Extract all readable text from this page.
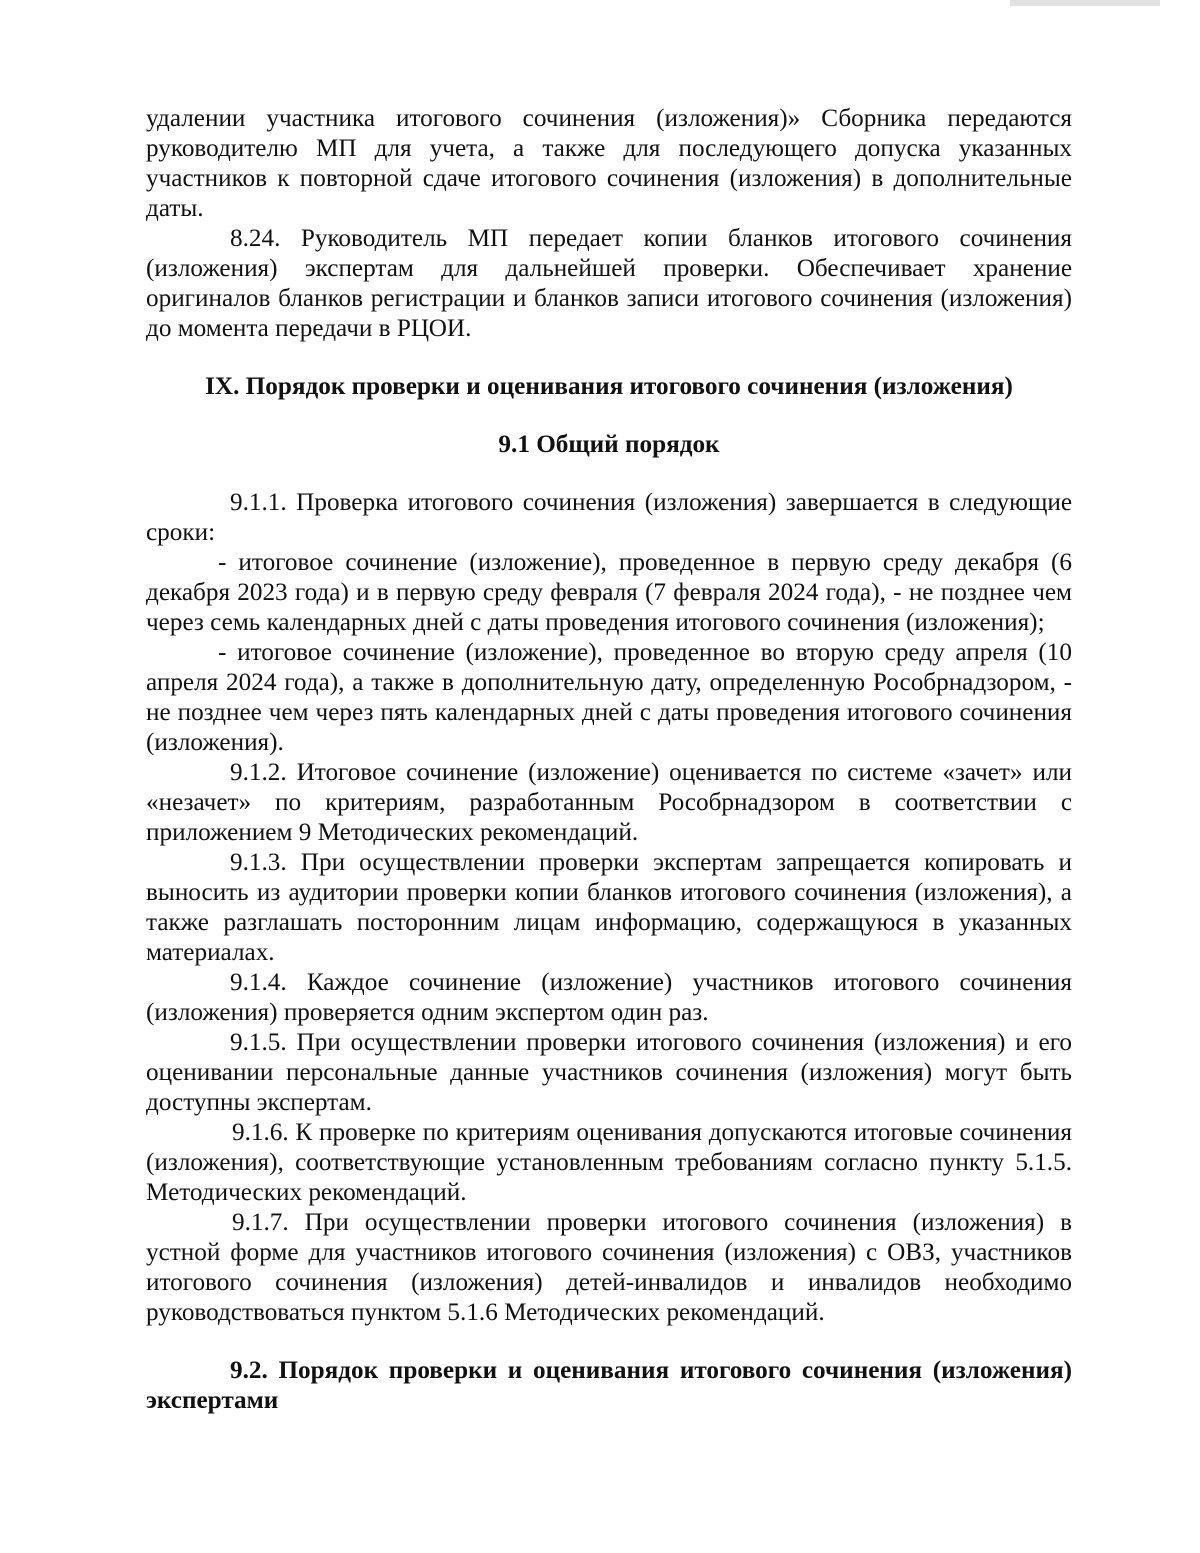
удалении участника итогового сочинения (изложения)» Сборника передаются руководителю МП для учета, а также для последующего допуска указанных участников к повторной сдаче итогового сочинения (изложения) в дополнительные даты.

8.24. Руководитель МП передает копии бланков итогового сочинения (изложения) экспертам для дальнейшей проверки. Обеспечивает хранение оригиналов бланков регистрации и бланков записи итогового сочинения (изложения) до момента передачи в РЦОИ.

IX. Порядок проверки и оценивания итогового сочинения (изложения)

9.1 Общий порядок

9.1.1. Проверка итогового сочинения (изложения) завершается в следующие сроки:

- итоговое сочинение (изложение), проведенное в первую среду декабря (6 декабря 2023 года) и в первую среду февраля (7 февраля 2024 года), - не позднее чем через семь календарных дней с даты проведения итогового сочинения (изложения);

- итоговое сочинение (изложение), проведенное во вторую среду апреля (10 апреля 2024 года), а также в дополнительную дату, определенную Рособрнадзором, - не позднее чем через пять календарных дней с даты проведения итогового сочинения (изложения).

9.1.2. Итоговое сочинение (изложение) оценивается по системе «зачет» или «незачет» по критериям, разработанным Рособрнадзором в соответствии с приложением 9 Методических рекомендаций.

9.1.3. При осуществлении проверки экспертам запрещается копировать и выносить из аудитории проверки копии бланков итогового сочинения (изложения), а также разглашать посторонним лицам информацию, содержащуюся в указанных материалах.

9.1.4. Каждое сочинение (изложение) участников итогового сочинения (изложения) проверяется одним экспертом один раз.

9.1.5. При осуществлении проверки итогового сочинения (изложения) и его оценивании персональные данные участников сочинения (изложения) могут быть доступны экспертам.

9.1.6. К проверке по критериям оценивания допускаются итоговые сочинения (изложения), соответствующие установленным требованиям согласно пункту 5.1.5. Методических рекомендаций.

9.1.7. При осуществлении проверки итогового сочинения (изложения) в устной форме для участников итогового сочинения (изложения) с ОВЗ, участников итогового сочинения (изложения) детей-инвалидов и инвалидов необходимо руководствоваться пунктом 5.1.6 Методических рекомендаций.

9.2. Порядок проверки и оценивания итогового сочинения (изложения) экспертами
